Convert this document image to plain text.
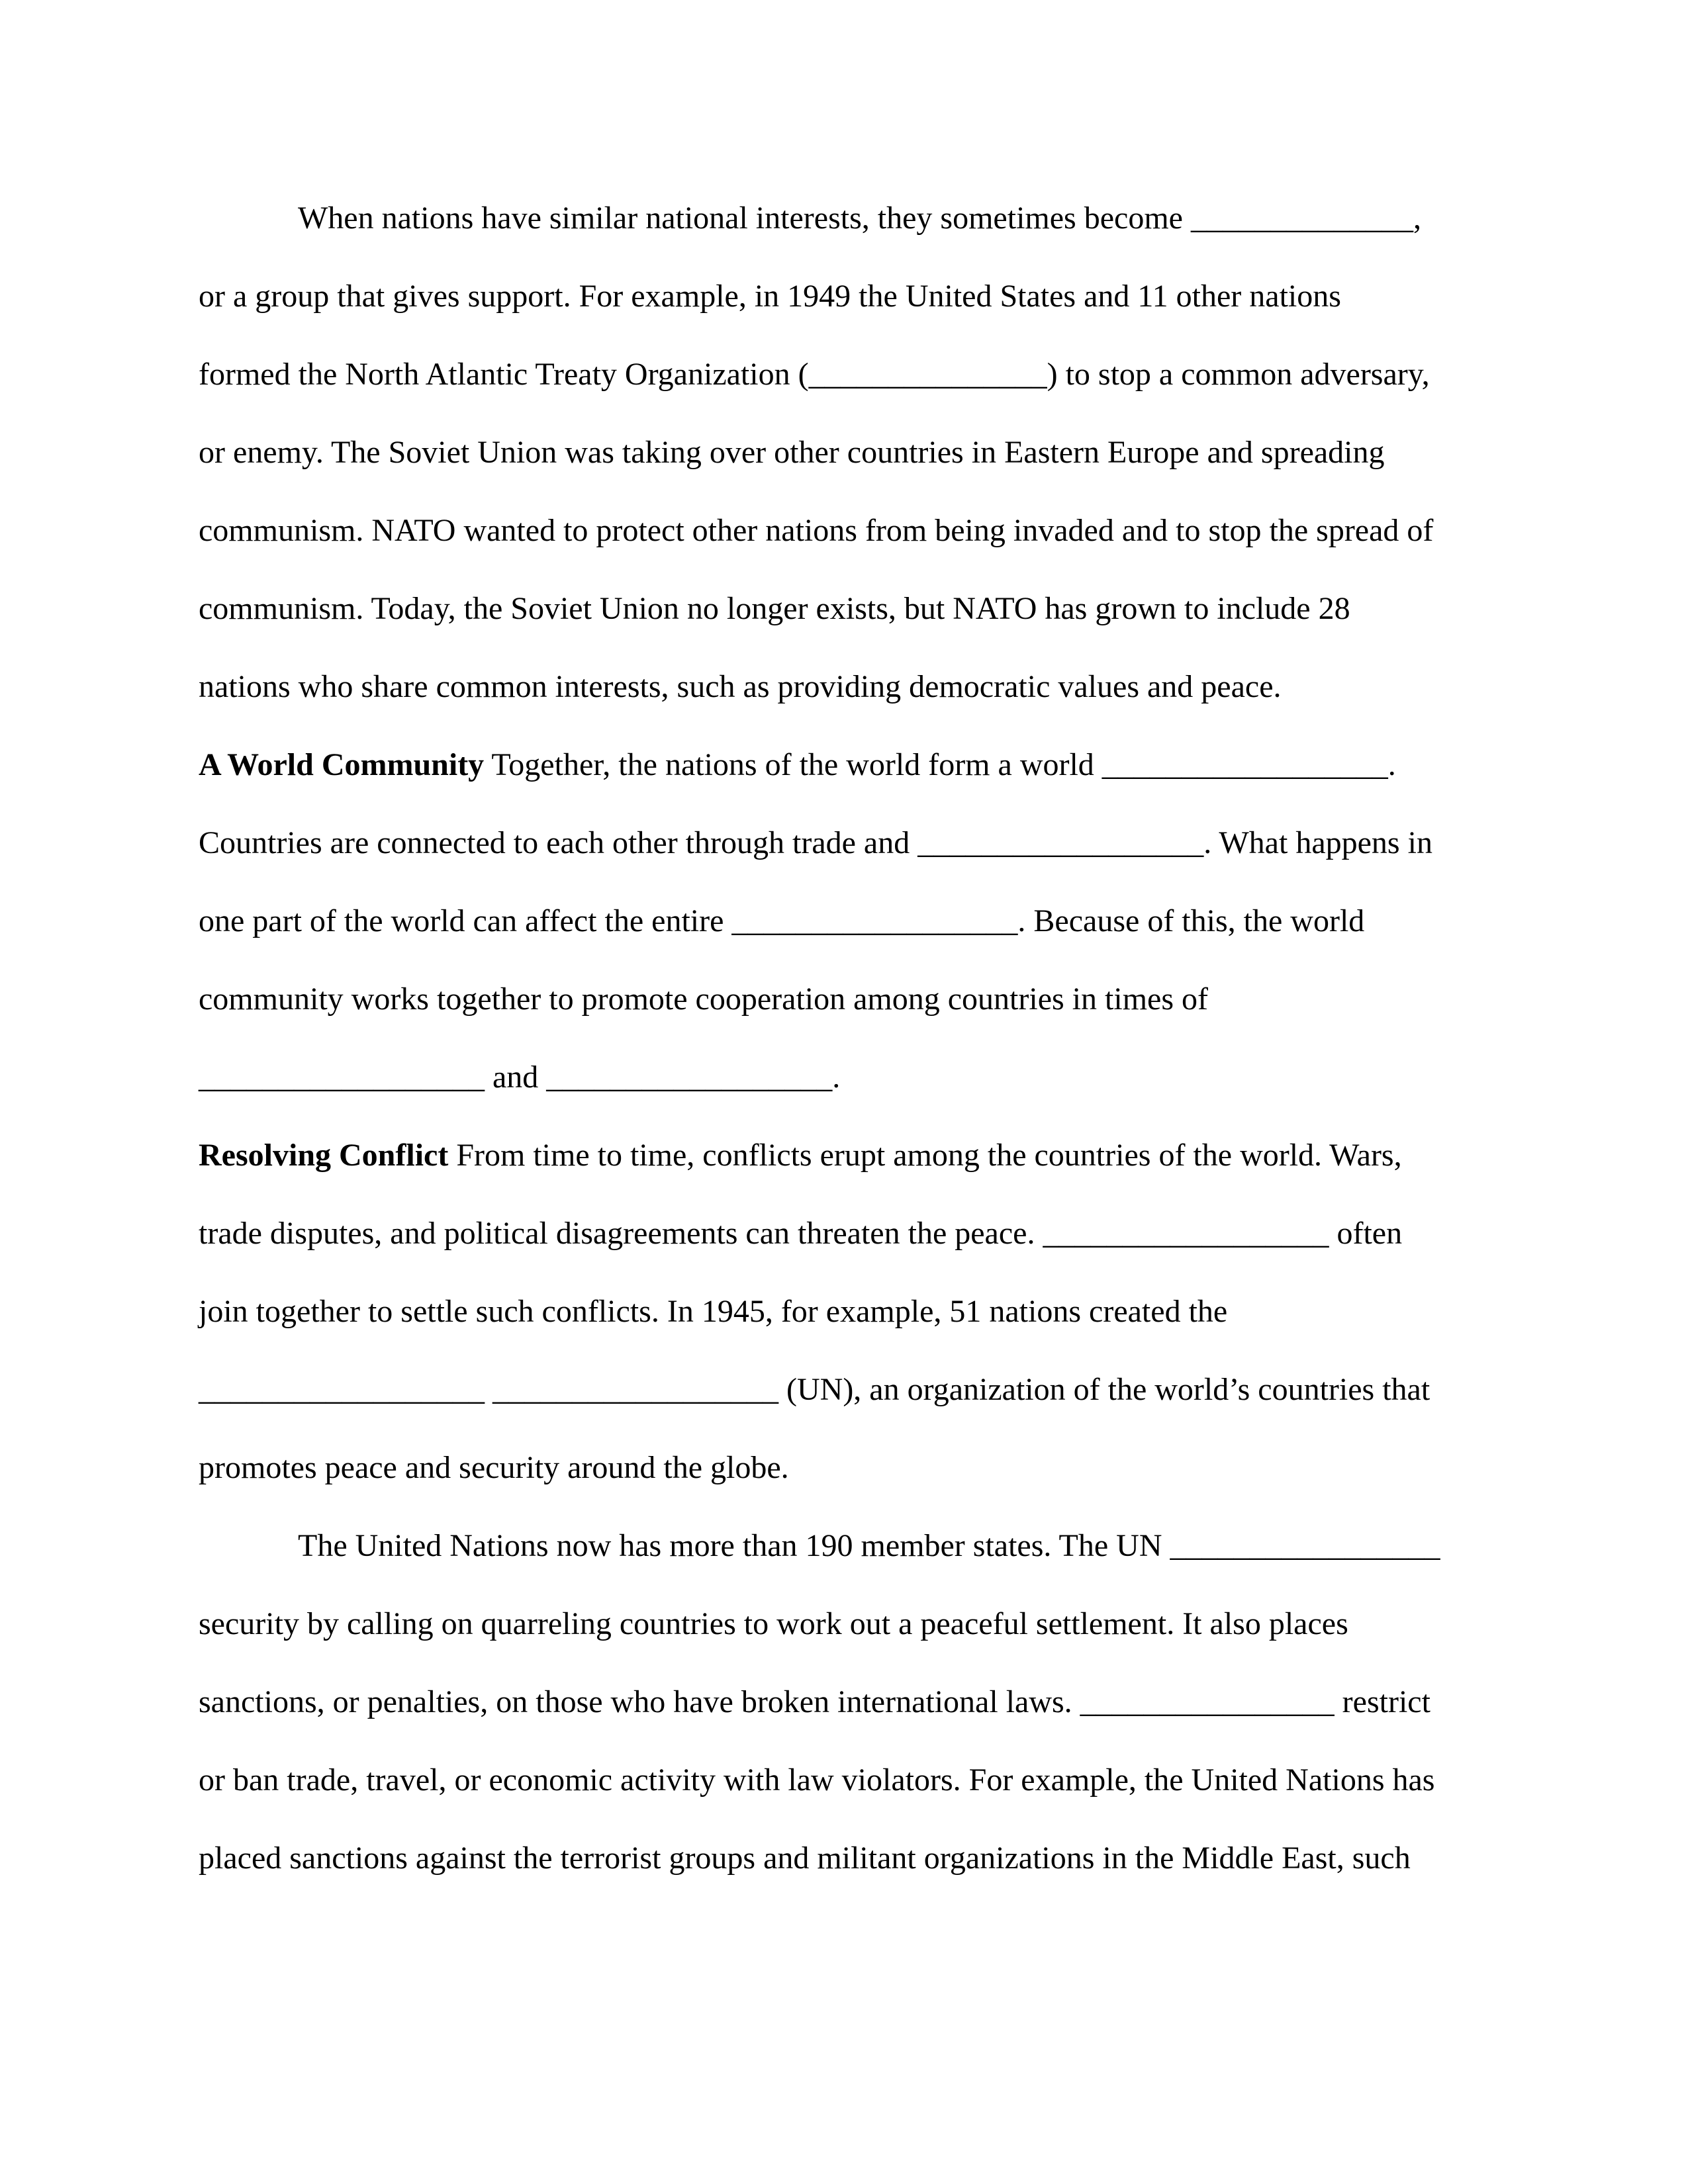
When nations have similar national interests, they sometimes become ______________,
or a group that gives support. For example, in 1949 the United States and 11 other nations
formed the North Atlantic Treaty Organization (_______________) to stop a common adversary,
or enemy. The Soviet Union was taking over other countries in Eastern Europe and spreading
communism. NATO wanted to protect other nations from being invaded and to stop the spread of
communism. Today, the Soviet Union no longer exists, but NATO has grown to include 28
nations who share common interests, such as providing democratic values and peace.
A World Community Together, the nations of the world form a world __________________.
Countries are connected to each other through trade and __________________. What happens in
one part of the world can affect the entire __________________. Because of this, the world
community works together to promote cooperation among countries in times of
__________________ and __________________.
Resolving Conflict From time to time, conflicts erupt among the countries of the world. Wars,
trade disputes, and political disagreements can threaten the peace. __________________ often
join together to settle such conflicts. In 1945, for example, 51 nations created the
__________________ __________________ (UN), an organization of the world’s countries that
promotes peace and security around the globe.
The United Nations now has more than 190 member states. The UN _________________
security by calling on quarreling countries to work out a peaceful settlement. It also places
sanctions, or penalties, on those who have broken international laws. ________________ restrict
or ban trade, travel, or economic activity with law violators. For example, the United Nations has
placed sanctions against the terrorist groups and militant organizations in the Middle East, such
